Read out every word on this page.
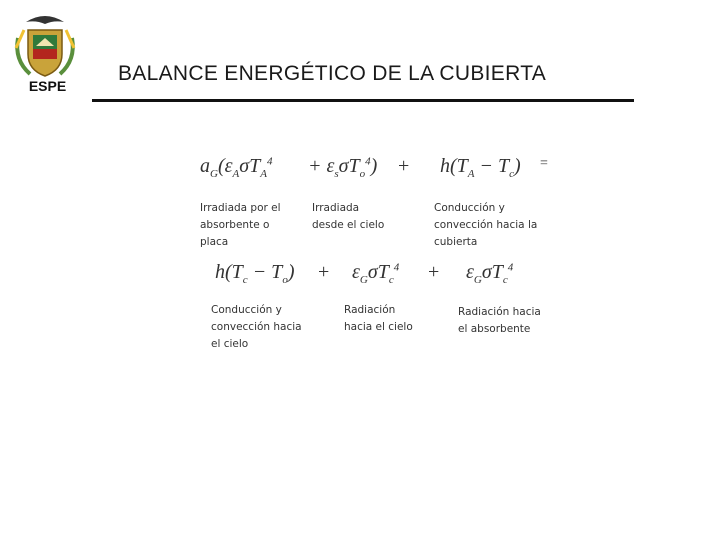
ESPE
BALANCE ENERGÉTICO DE LA CUBIERTA
$a_G(\varepsilon_A\sigma T_A^4 + \varepsilon_s\sigma T_o^4) + h(T_A - T_c)$ =
Irradiada por el
absorbente o
placa
Irradiada
desde el cielo
Conducción y
convección hacia la
cubierta
$h(T_c - T_o) + \varepsilon_G\sigma T_c^4 + \varepsilon_G\sigma T_c^4$
Conducción y
convección hacia
el cielo
Radiación
hacia el cielo
Radiación hacia
el absorbente
